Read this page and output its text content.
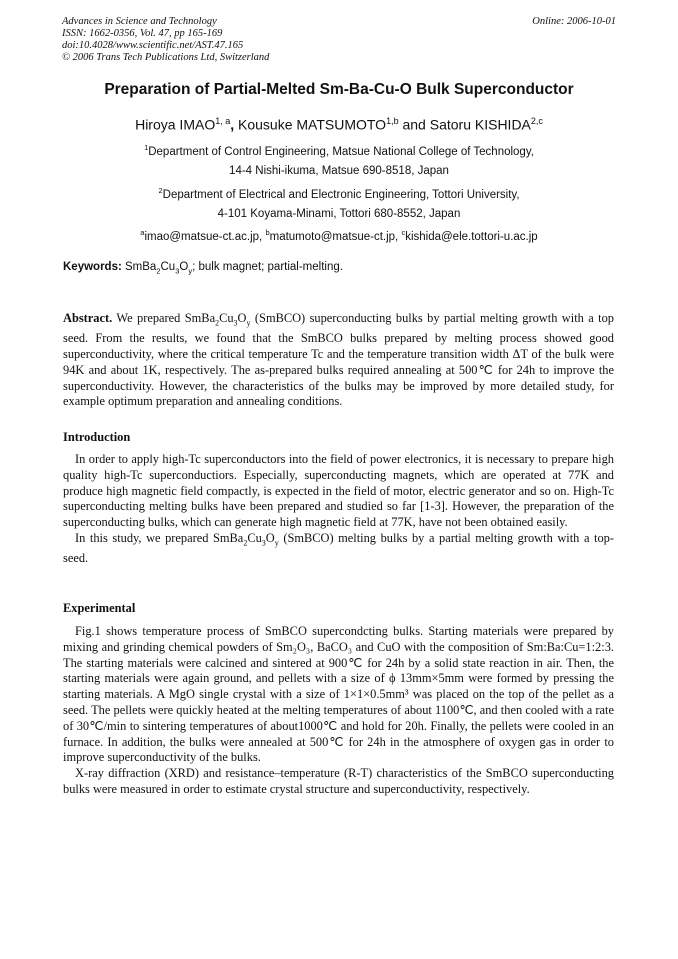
Advances in Science and Technology
ISSN: 1662-0356, Vol. 47, pp 165-169
doi:10.4028/www.scientific.net/AST.47.165
© 2006 Trans Tech Publications Ltd, Switzerland
Online: 2006-10-01
Preparation of Partial-Melted Sm-Ba-Cu-O Bulk Superconductor
Hiroya IMAO$^{1, a}$, Kousuke MATSUMOTO$^{1,b}$ and Satoru KISHIDA$^{2,c}$
$^1$Department of Control Engineering, Matsue National College of Technology,
14-4 Nishi-ikuma, Matsue 690-8518, Japan
$^2$Department of Electrical and Electronic Engineering, Tottori University,
4-101 Koyama-Minami, Tottori 680-8552, Japan
$^a$imao@matsue-ct.ac.jp, $^b$matumoto@matsue-ct.jp, $^c$kishida@ele.tottori-u.ac.jp
Keywords: $SmBa_2Cu_3O_y$; bulk magnet; partial-melting.
Abstract. We prepared $SmBa_2Cu_3O_y$ (SmBCO) superconducting bulks by partial melting growth with a top seed. From the results, we found that the SmBCO bulks prepared by melting process showed good superconductivity, where the critical temperature Tc and the temperature transition width ΔT of the bulk were 94K and about 1K, respectively. The as-prepared bulks required annealing at 500℃ for 24h to improve the superconductivity. However, the characteristics of the bulks may be improved by more detailed study, for example optimum preparation and annealing conditions.
Introduction

In order to apply high-Tc superconductors into the field of power electronics, it is necessary to prepare high quality high-Tc superconductiors. Especially, superconducting magnets, which are operated at 77K and produce high magnetic field compactly, is expected in the field of motor, electric generator and so on. High-Tc superconducting melting bulks have been prepared and studied so far [1-3]. However, the preparation of the superconducting bulks, which can generate high magnetic field at 77K, have not been obtained easily.

In this study, we prepared $SmBa_2Cu_3O_y$ (SmBCO) melting bulks by a partial melting growth with a top-seed.

Experimental

Fig.1 shows temperature process of SmBCO supercondcting bulks. Starting materials were prepared by mixing and grinding chemical powders of Sm₂O₃, BaCO₃ and CuO with the composition of Sm:Ba:Cu=1:2:3. The starting materials were calcined and sintered at 900℃ for 24h by a solid state reaction in air. Then, the starting materials were again ground, and pellets with a size of ϕ 13mm×5mm were formed by pressing the starting materials. A MgO single crystal with a size of 1×1×0.5mm³ was placed on the top of the pellet as a seed. The pellets were quickly heated at the melting temperatures of about 1100℃, and then cooled with a rate of 30℃/min to sintering temperatures of about1000℃ and hold for 20h. Finally, the pellets were cooled in an furnace. In addition, the bulks were annealed at 500℃ for 24h in the atmosphere of oxygen gas in order to improve superconductivity of the bulks.

X-ray diffraction (XRD) and resistance–temperature (R-T) characteristics of the SmBCO superconducting bulks were measured in order to estimate crystal structure and superconductivity, respectively.
